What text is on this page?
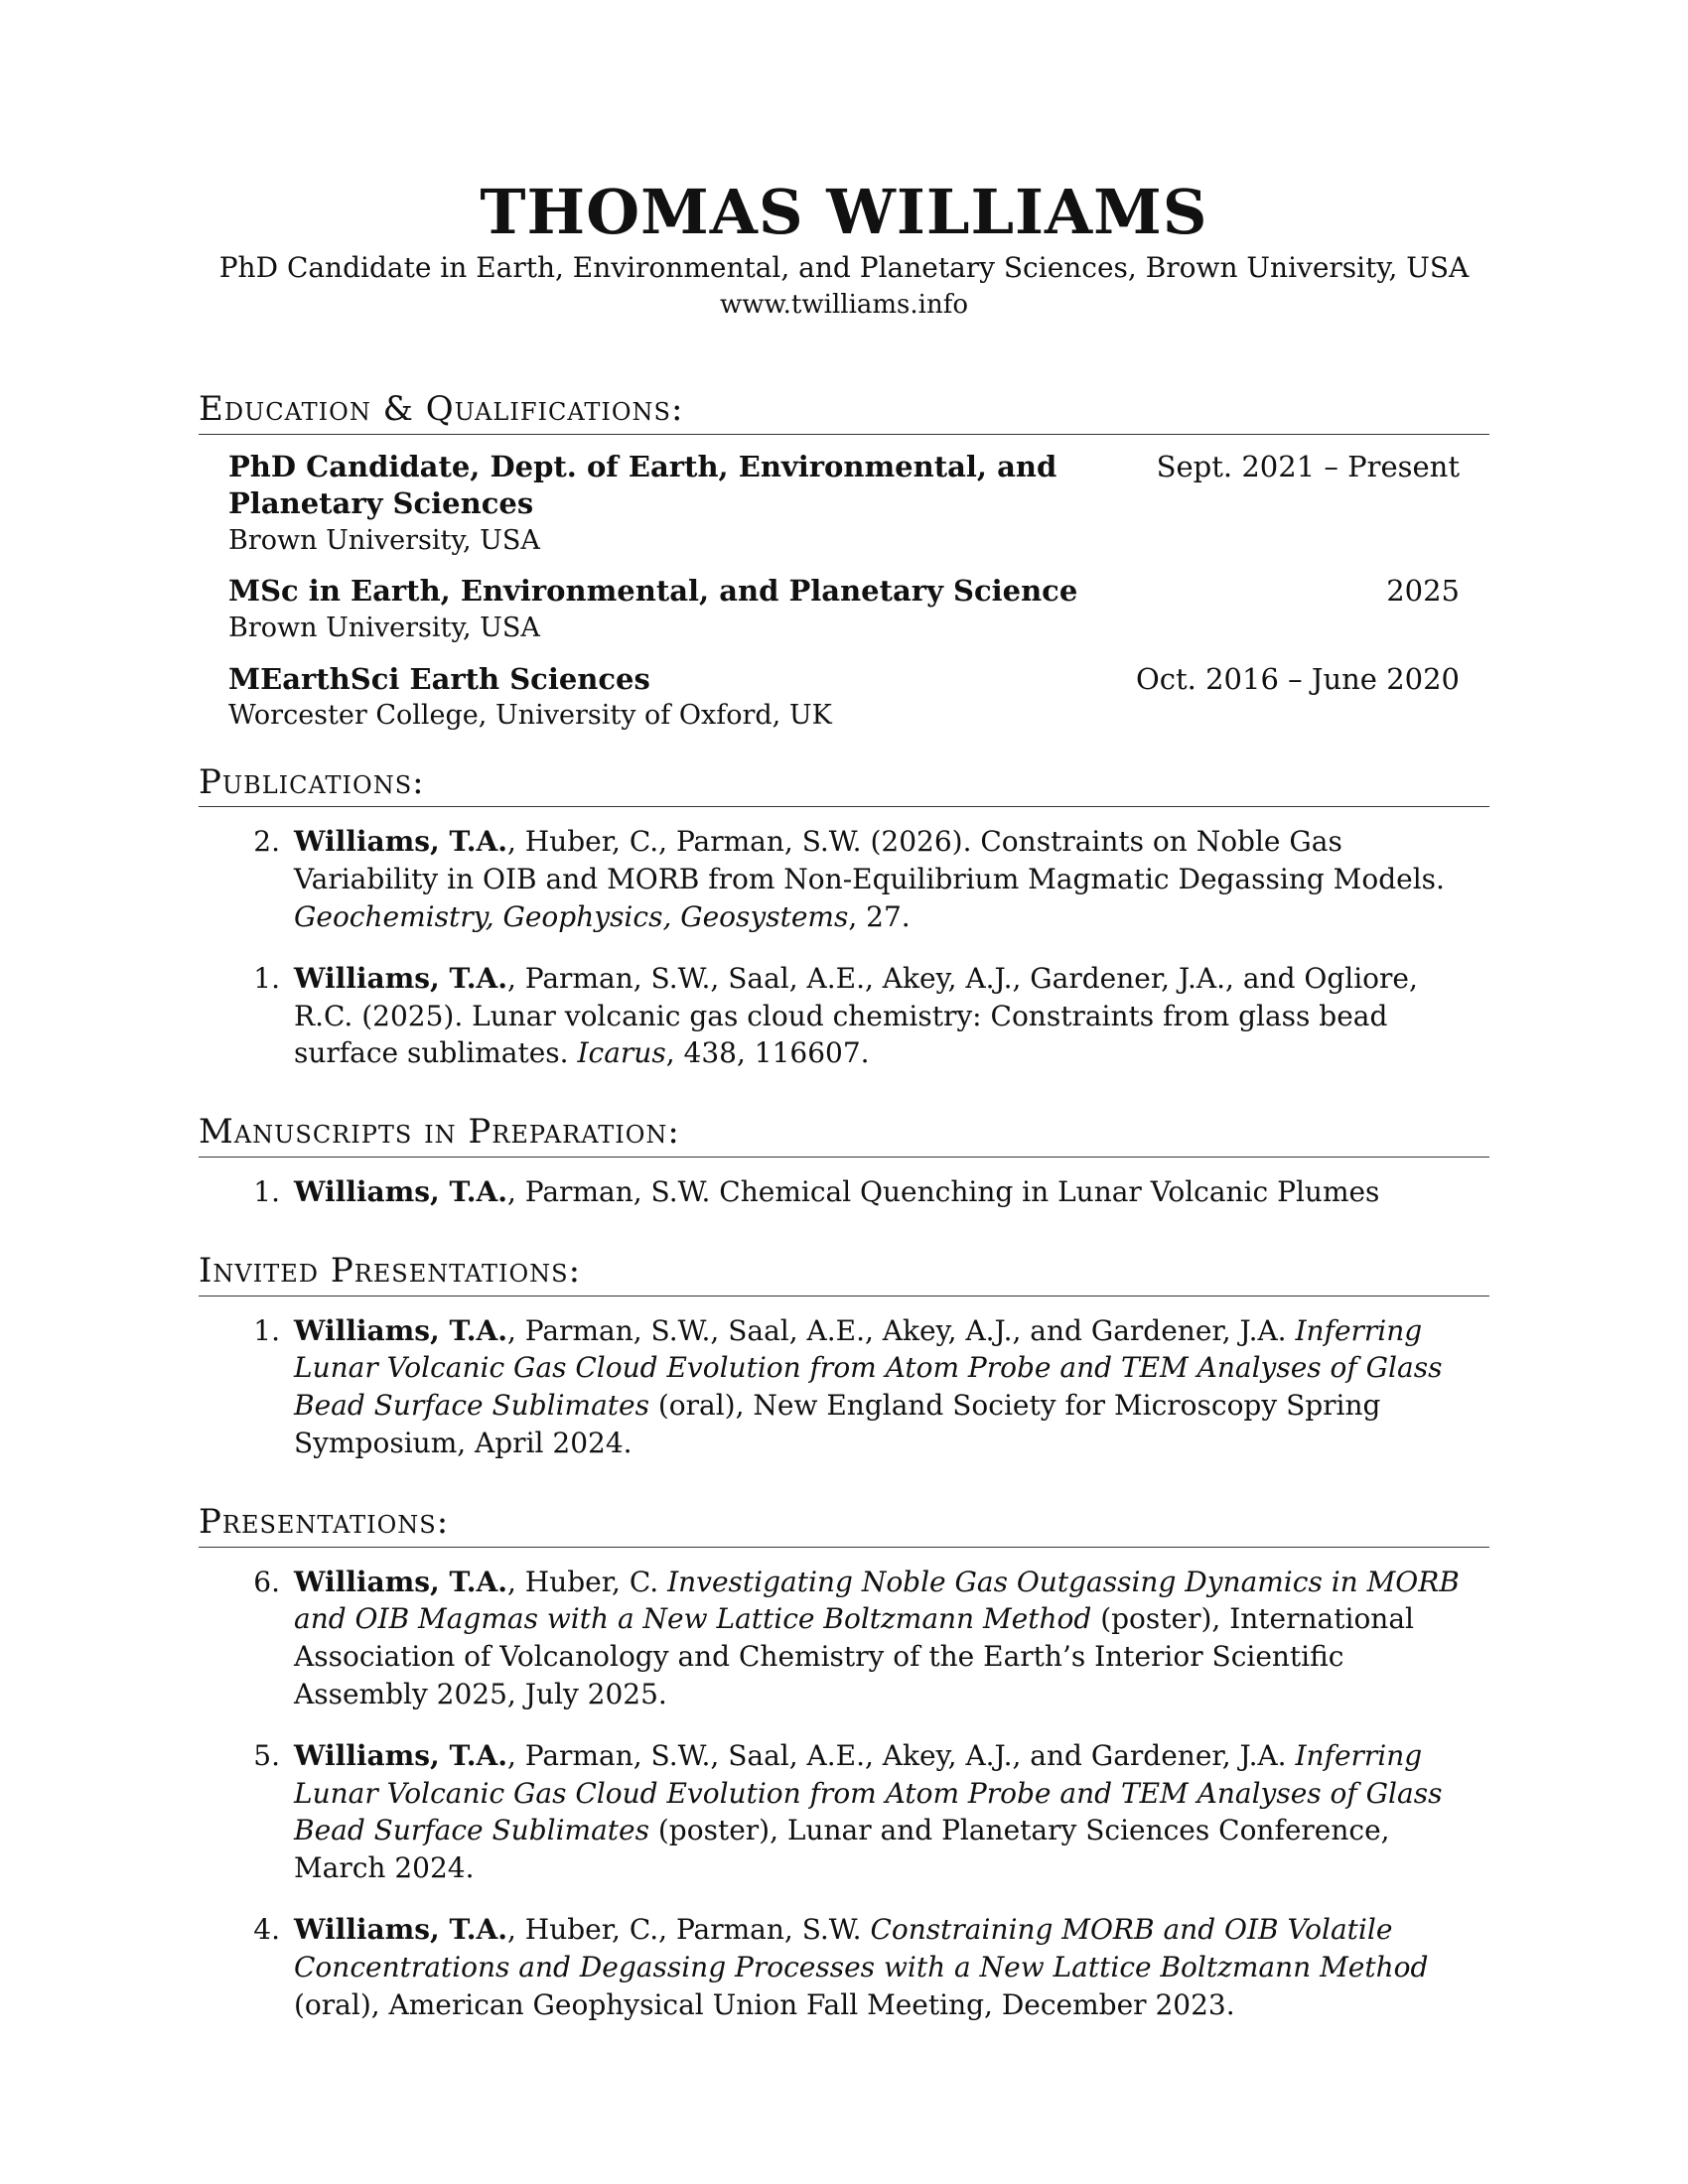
THOMAS WILLIAMS
PhD Candidate in Earth, Environmental, and Planetary Sciences, Brown University, USA
www.twilliams.info
Education & Qualifications:
PhD Candidate, Dept. of Earth, Environmental, and Planetary Sciences
Brown University, USA
Sept. 2021 – Present
MSc in Earth, Environmental, and Planetary Science
Brown University, USA
2025
MEarthSci Earth Sciences
Worcester College, University of Oxford, UK
Oct. 2016 – June 2020
Publications:
2. Williams, T.A., Huber, C., Parman, S.W. (2026). Constraints on Noble Gas Variability in OIB and MORB from Non-Equilibrium Magmatic Degassing Models. Geochemistry, Geophysics, Geosystems, 27.
1. Williams, T.A., Parman, S.W., Saal, A.E., Akey, A.J., Gardener, J.A., and Ogliore, R.C. (2025). Lunar volcanic gas cloud chemistry: Constraints from glass bead surface sublimates. Icarus, 438, 116607.
Manuscripts in Preparation:
1. Williams, T.A., Parman, S.W. Chemical Quenching in Lunar Volcanic Plumes
Invited Presentations:
1. Williams, T.A., Parman, S.W., Saal, A.E., Akey, A.J., and Gardener, J.A. Inferring Lunar Volcanic Gas Cloud Evolution from Atom Probe and TEM Analyses of Glass Bead Surface Sublimates (oral), New England Society for Microscopy Spring Symposium, April 2024.
Presentations:
6. Williams, T.A., Huber, C. Investigating Noble Gas Outgassing Dynamics in MORB and OIB Magmas with a New Lattice Boltzmann Method (poster), International Association of Volcanology and Chemistry of the Earth’s Interior Scientific Assembly 2025, July 2025.
5. Williams, T.A., Parman, S.W., Saal, A.E., Akey, A.J., and Gardener, J.A. Inferring Lunar Volcanic Gas Cloud Evolution from Atom Probe and TEM Analyses of Glass Bead Surface Sublimates (poster), Lunar and Planetary Sciences Conference, March 2024.
4. Williams, T.A., Huber, C., Parman, S.W. Constraining MORB and OIB Volatile Concentrations and Degassing Processes with a New Lattice Boltzmann Method (oral), American Geophysical Union Fall Meeting, December 2023.
